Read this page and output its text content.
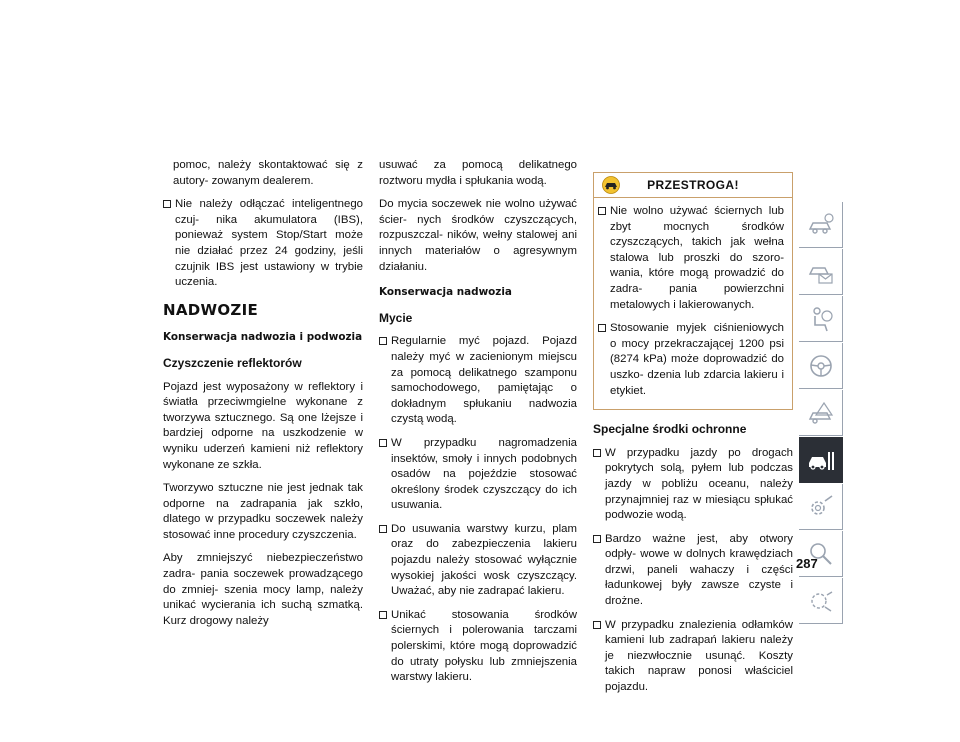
pomoc, należy skontaktować się z autory- zowanym dealerem.

Nie należy odłączać inteligentnego czuj- nika akumulatora (IBS), ponieważ system Stop/Start może nie działać przez 24 godziny, jeśli czujnik IBS jest ustawiony w trybie uczenia.
NADWOZIE
Konserwacja nadwozia i podwozia
Czyszczenie reflektorów

Pojazd jest wyposażony w reflektory i światła przeciwmgielne wykonane z tworzywa sztucznego. Są one lżejsze i bardziej odporne na uszkodzenie w wyniku uderzeń kamieni niż reflektory wykonane ze szkła.

Tworzywo sztuczne nie jest jednak tak odporne na zadrapania jak szkło, dlatego w przypadku soczewek należy stosować inne procedury czyszczenia.

Aby zmniejszyć niebezpieczeństwo zadra- pania soczewek prowadzącego do zmniej- szenia mocy lamp, należy unikać wycierania ich suchą szmatką. Kurz drogowy należy

usuwać za pomocą delikatnego roztworu mydła i spłukania wodą.

Do mycia soczewek nie wolno używać ścier- nych środków czyszczących, rozpuszczal- ników, wełny stalowej ani innych materiałów o agresywnym działaniu.

Konserwacja nadwozia
Mycie
Regularnie myć pojazd. Pojazd należy myć w zacienionym miejscu za pomocą delikatnego szamponu samochodowego, pamiętając o dokładnym spłukaniu nadwozia czystą wodą.
W przypadku nagromadzenia insektów, smoły i innych podobnych osadów na pojeździe stosować określony środek czyszczący do ich usuwania.
Do usuwania warstwy kurzu, plam oraz do zabezpieczenia lakieru pojazdu należy stosować wyłącznie wysokiej jakości wosk czyszczący. Uważać, aby nie zadrapać lakieru.
Unikać stosowania środków ściernych i polerowania tarczami polerskimi, które mogą doprowadzić do utraty połysku lub zmniejszenia warstwy lakieru.
PRZESTROGA!
Nie wolno używać ściernych lub zbyt mocnych środków czyszczących, takich jak wełna stalowa lub proszki do szoro- wania, które mogą prowadzić do zadra- pania powierzchni metalowych i lakierowanych.
Stosowanie myjek ciśnieniowych o mocy przekraczającej 1200 psi (8274 kPa) może doprowadzić do uszko- dzenia lub zdarcia lakieru i etykiet.
Specjalne środki ochronne
W przypadku jazdy po drogach pokrytych solą, pyłem lub podczas jazdy w pobliżu oceanu, należy przynajmniej raz w miesiącu spłukać podwozie wodą.
Bardzo ważne jest, aby otwory odpły- wowe w dolnych krawędziach drzwi, paneli wahaczy i części ładunkowej były zawsze czyste i drożne.
W przypadku znalezienia odłamków kamieni lub zadrapań lakieru należy je niezwłocznie usunąć. Koszty takich napraw ponosi właściciel pojazdu.
287
